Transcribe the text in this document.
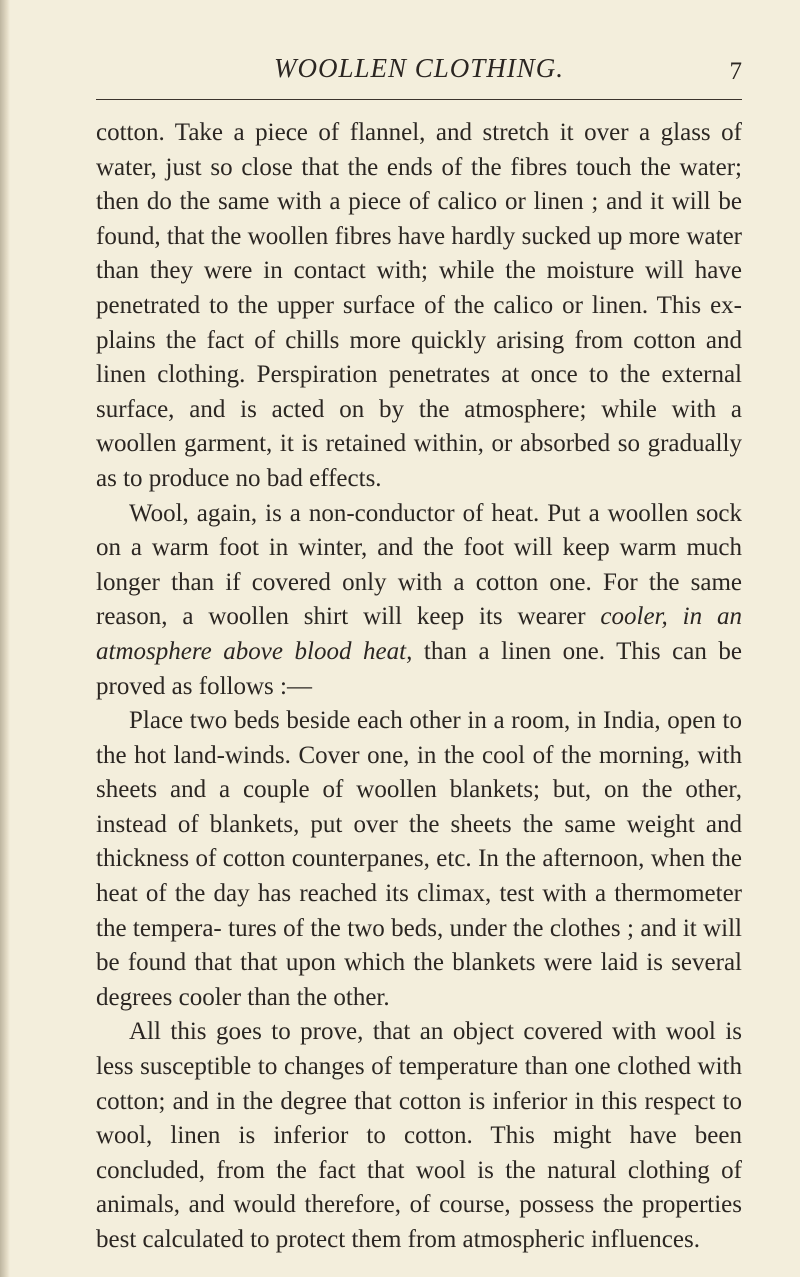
WOOLLEN CLOTHING.	7

cotton. Take a piece of flannel, and stretch it over a glass of water, just so close that the ends of the fibres touch the water; then do the same with a piece of calico or linen ; and it will be found, that the woollen fibres have hardly sucked up more water than they were in contact with; while the moisture will have penetrated to the upper surface of the calico or linen. This ex- plains the fact of chills more quickly arising from cotton and linen clothing. Perspiration penetrates at once to the external surface, and is acted on by the atmosphere; while with a woollen garment, it is retained within, or absorbed so gradually as to produce no bad effects.

Wool, again, is a non-conductor of heat. Put a woollen sock on a warm foot in winter, and the foot will keep warm much longer than if covered only with a cotton one. For the same reason, a woollen shirt will keep its wearer cooler, in an atmosphere above blood heat, than a linen one. This can be proved as follows :—

Place two beds beside each other in a room, in India, open to the hot land-winds. Cover one, in the cool of the morning, with sheets and a couple of woollen blankets; but, on the other, instead of blankets, put over the sheets the same weight and thickness of cotton counterpanes, etc. In the afternoon, when the heat of the day has reached its climax, test with a thermometer the tempera- tures of the two beds, under the clothes ; and it will be found that that upon which the blankets were laid is several degrees cooler than the other.

All this goes to prove, that an object covered with wool is less susceptible to changes of temperature than one clothed with cotton; and in the degree that cotton is inferior in this respect to wool, linen is inferior to cotton. This might have been concluded, from the fact that wool is the natural clothing of animals, and would therefore, of course, possess the properties best calculated to protect them from atmospheric influences.
